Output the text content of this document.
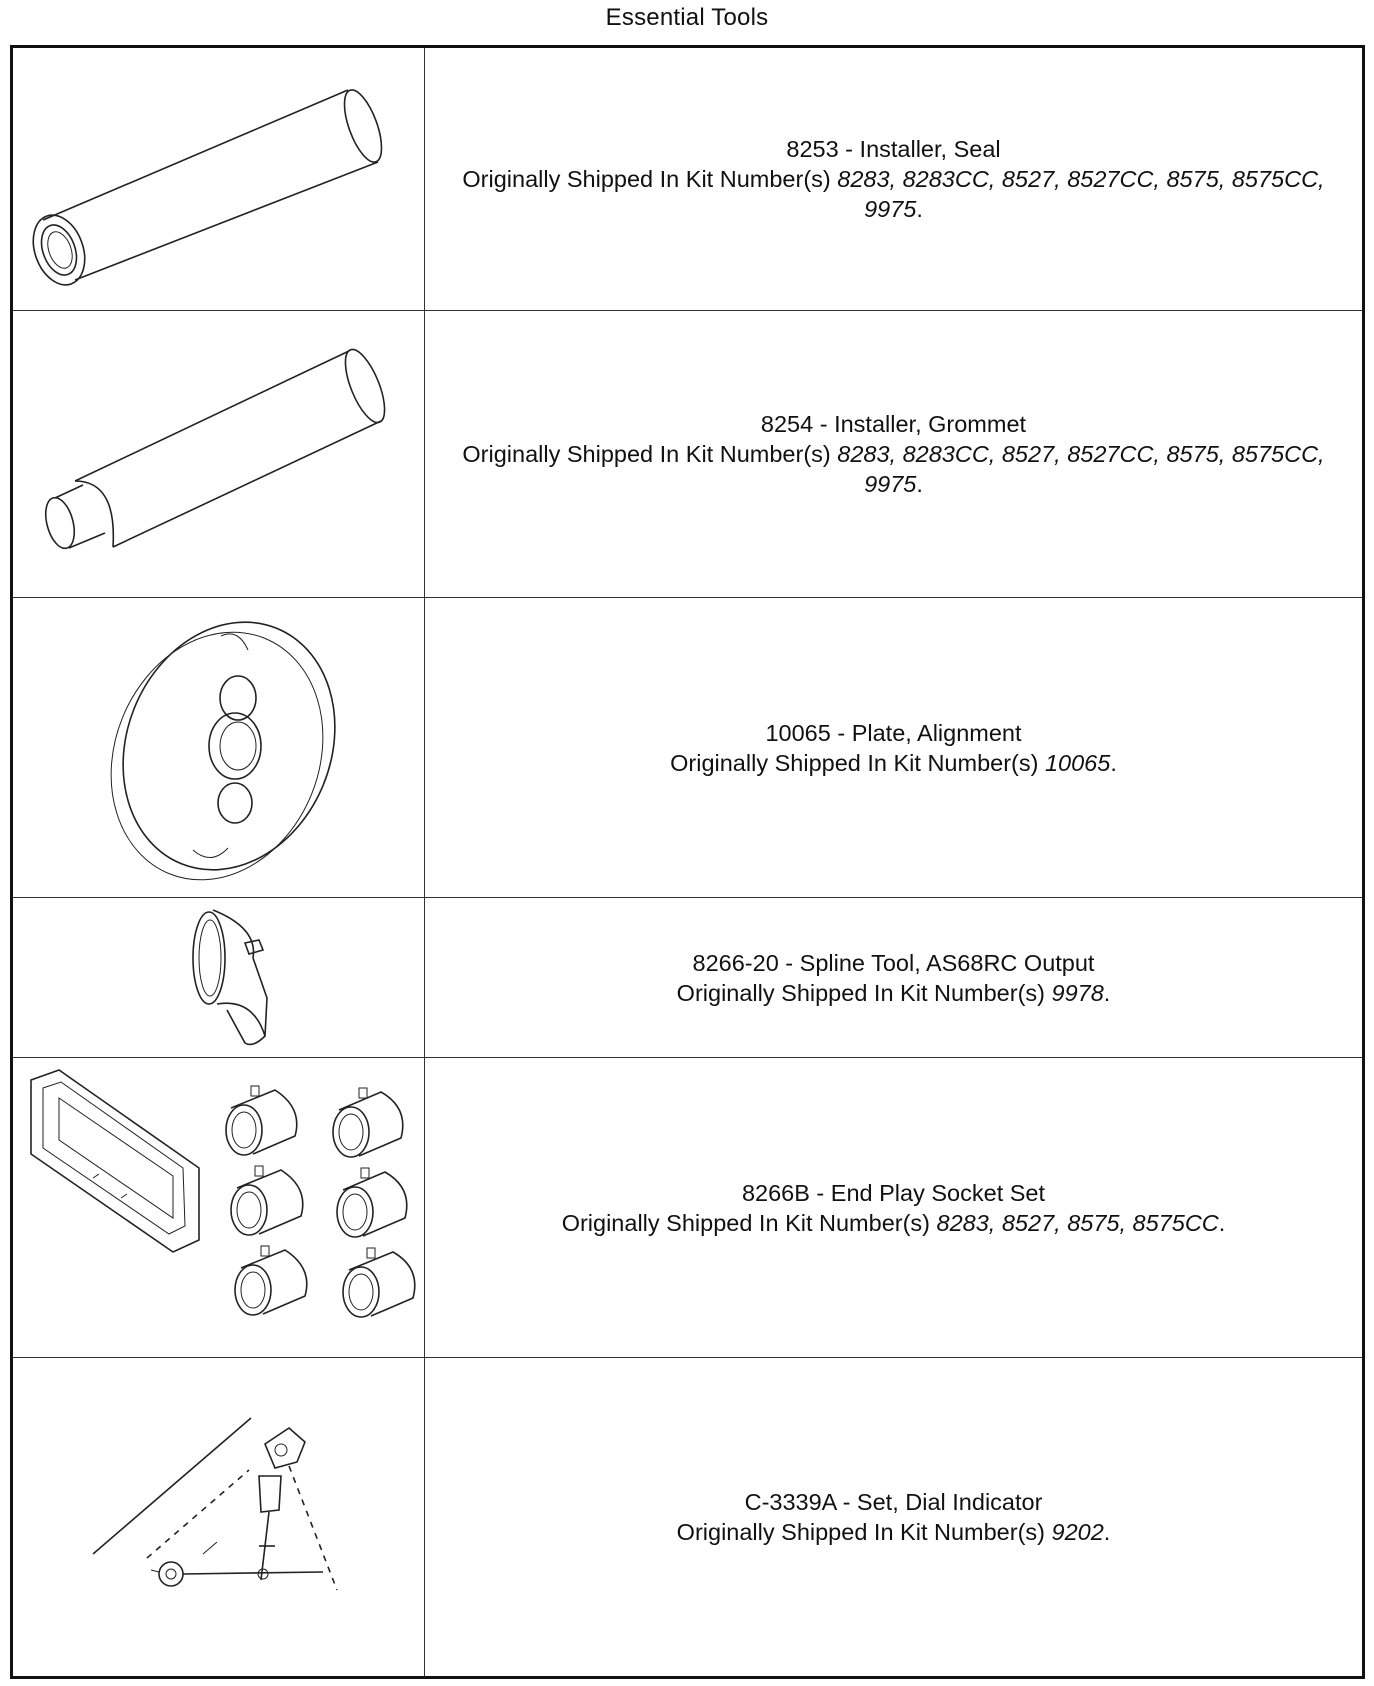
Essential Tools
8253 - Installer, Seal
Originally Shipped In Kit Number(s) 8283, 8283CC, 8527, 8527CC, 8575, 8575CC, 9975.
8254 - Installer, Grommet
Originally Shipped In Kit Number(s) 8283, 8283CC, 8527, 8527CC, 8575, 8575CC, 9975.
10065 - Plate, Alignment
Originally Shipped In Kit Number(s) 10065.
8266-20 - Spline Tool, AS68RC Output
Originally Shipped In Kit Number(s) 9978.
8266B - End Play Socket Set
Originally Shipped In Kit Number(s) 8283, 8527, 8575, 8575CC.
C-3339A - Set, Dial Indicator
Originally Shipped In Kit Number(s) 9202.
